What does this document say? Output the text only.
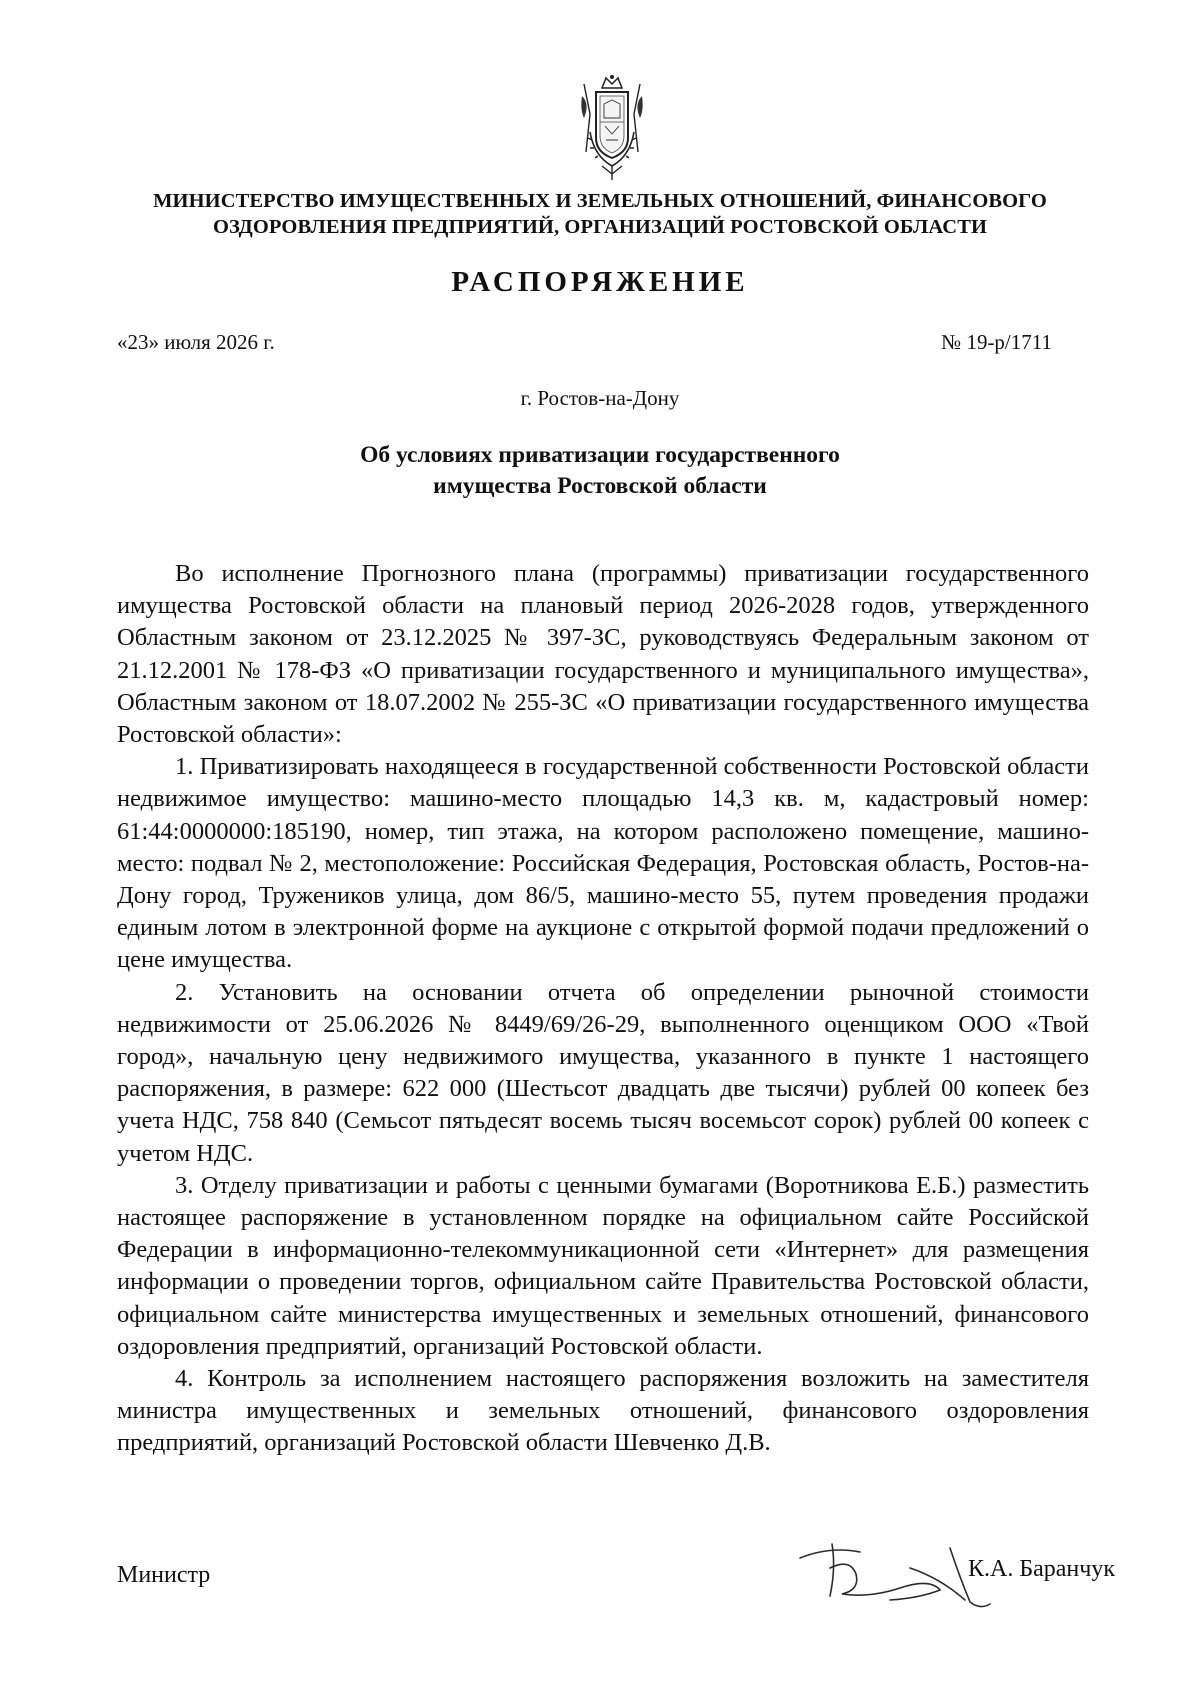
МИНИСТЕРСТВО ИМУЩЕСТВЕННЫХ И ЗЕМЕЛЬНЫХ ОТНОШЕНИЙ, ФИНАНСОВОГО
ОЗДОРОВЛЕНИЯ ПРЕДПРИЯТИЙ, ОРГАНИЗАЦИЙ РОСТОВСКОЙ ОБЛАСТИ
РАСПОРЯЖЕНИЕ
«23» июля 2026 г.	№ 19-р/1711
г. Ростов-на-Дону
Об условиях приватизации государственного
имущества Ростовской области

Во исполнение Прогнозного плана (программы) приватизации государственного имущества Ростовской области на плановый период 2026-2028 годов, утвержденного Областным законом от 23.12.2025 № 397-ЗС, руководствуясь Федеральным законом от 21.12.2001 № 178-ФЗ «О приватизации государственного и муниципального имущества», Областным законом от 18.07.2002 № 255-ЗС «О приватизации государственного имущества Ростовской области»:

1. Приватизировать находящееся в государственной собственности Ростовской области недвижимое имущество: машино-место площадью 14,3 кв. м, кадастровый номер: 61:44:0000000:185190, номер, тип этажа, на котором расположено помещение, машино-место: подвал № 2, местоположение: Российская Федерация, Ростовская область, Ростов-на-Дону город, Тружеников улица, дом 86/5, машино-место 55, путем проведения продажи единым лотом в электронной форме на аукционе с открытой формой подачи предложений о цене имущества.

2. Установить на основании отчета об определении рыночной стоимости недвижимости от 25.06.2026 № 8449/69/26-29, выполненного оценщиком ООО «Твой город», начальную цену недвижимого имущества, указанного в пункте 1 настоящего распоряжения, в размере: 622 000 (Шестьсот двадцать две тысячи) рублей 00 копеек без учета НДС, 758 840 (Семьсот пятьдесят восемь тысяч восемьсот сорок) рублей 00 копеек с учетом НДС.

3. Отделу приватизации и работы с ценными бумагами (Воротникова Е.Б.) разместить настоящее распоряжение в установленном порядке на официальном сайте Российской Федерации в информационно-телекоммуникационной сети «Интернет» для размещения информации о проведении торгов, официальном сайте Правительства Ростовской области, официальном сайте министерства имущественных и земельных отношений, финансового оздоровления предприятий, организаций Ростовской области.

4. Контроль за исполнением настоящего распоряжения возложить на заместителя министра имущественных и земельных отношений, финансового оздоровления предприятий, организаций Ростовской области Шевченко Д.В.

Министр	К.А. Баранчук
